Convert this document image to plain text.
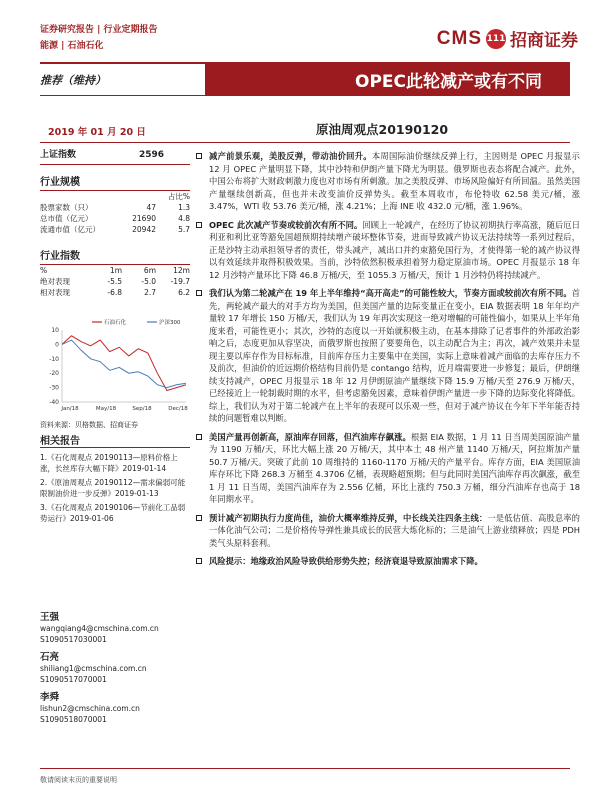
证券研究报告 | 行业定期报告
能源 | 石油石化	CMS 111 招商证券
推荐（维持）	OPEC此轮减产或有不同
2019 年 01 月 20 日	原油周观点20190120
上证指数	2596
行业规模
占比%
股票家数（只）	47	1.3
总市值（亿元）	21690	4.8
流通市值（亿元）	20942	5.7
行业指数
%	1m	6m	12m
绝对表现	-5.5	-5.0	-19.7
相对表现	-6.8	2.7	6.2
10
0
-10
-20
-30
-40
Jan/18	May/18	Sep/18	Dec/18
石油石化	沪深300
资料来源：贝格数据、招商证券
相关报告

1.《石化周观点 20190113—原料价格上涨，长丝库存大幅下降》2019-01-14

2.《原油周观点 20190112—需求偏弱可能限制油价进一步反弹》2019-01-13

3.《石化周观点 20190106—节前化工品弱势运行》2019-01-06

王强
wangqiang4@cmschina.com.cn
S1090517030001
石亮
shiliang1@cmschina.com.cn
S1090517070001
李舜
lishun2@cmschina.com.cn
S1090518070001
减产前景乐观，美股反弹，带动油价回升。本周国际油价继续反弹上行，主因则是 OPEC 月报显示 12 月 OPEC 产量明显下降，其中沙特和伊朗产量下降尤为明显。俄罗斯也表态将配合减产。此外，中国公布将扩大财政刺激力度也对市场有所刺激。加之美股反弹、市场风险偏好有所回温。虽然美国产量继续创新高，但也并未改变油价反弹势头。截至本周收市，布伦特收 62.58 美元/桶，涨 3.47%，WTI 收 53.76 美元/桶，涨 4.21%；上海 INE 收 432.0 元/桶，涨 1.96%。
OPEC 此次减产节奏或较前次有所不同。回顾上一轮减产，在经历了协议初期执行率高涨，随后厄日利亚和利比亚等豁免国超预期持续增产破坏整体节奏，进而导致减产协议无法持续等一系列过程后，正是沙特主动承担领导者的责任，带头减产，减出口并约束豁免国行为，才使得第一轮的减产协议得以有效延续并取得积极效果。当前，沙特依然积极承担着努力稳定原油市场。OPEC 月报显示 18 年 12 月沙特产量环比下降 46.8 万桶/天，至 1055.3 万桶/天，预计 1 月沙特仍将持续减产。
我们认为第二轮减产在 19 年上半年维持“高开高走”的可能性较大，节奏方面或较前次有所不同。首先，两轮减产最大的对手方均为美国，但美国产量的边际变量正在变小，EIA 数据表明 18 年年均产量较 17 年增长 150 万桶/天，我们认为 19 年再次实现这一绝对增幅的可能性偏小，如果从上半年角度来看，可能性更小；其次，沙特的态度以一开始就积极主动，在基本排除了记者事件的外部政治影响之后，态度更加从容坚决，而俄罗斯也按照了要要角色，以主动配合为主；再次，减产效果并未显现主要以库存作为目标标准，目前库存压力主要集中在美国，实际上意味着减产面临的去库存压力不及前次，但油价的近远期价格结构目前仍是 contango 结构，近月端需要进一步修复；最后，伊朗继续支持减产，OPEC 月报显示 18 年 12 月伊朗原油产量继续下降 15.9 万桶/天至 276.9 万桶/天，已经接近上一轮制裁时期的水平，但考虑豁免因素，意味着伊朗产量进一步下降的边际变化将降低。综上，我们认为对于第二轮减产在上半年的表现可以乐观一些，但对于减产协议在今年下半年能否持续的问题暂难以判断。
美国产量再创新高，原油库存回落，但汽油库存飙涨。根据 EIA 数据，1 月 11 日当周美国原油产量为 1190 万桶/天，环比大幅上涨 20 万桶/天，其中本土 48 州产量 1140 万桶/天，阿拉斯加产量 50.7 万桶/天。突破了此前 10 周维持的 1160-1170 万桶/天的产量平台。库存方面，EIA 美国原油库存环比下降 268.3 万桶至 4.3706 亿桶，表现略超预期；但与此同时美国汽油库存再次飙涨，截至 1 月 11 日当周，美国汽油库存为 2.556 亿桶，环比上涨约 750.3 万桶，细分汽油库存也高于 18 年同期水平。
预计减产初期执行力度尚佳，油价大概率维持反弹，中长线关注四条主线：一是低估值、高股息率的一体化油气公司；二是价格传导弹性兼具成长的民营大炼化标的；三是油气上游业绩释放；四是 PDH 类气头原料套利。
风险提示：地缘政治风险导致供给形势失控；经济衰退导致原油需求下降。
敬请阅读末页的重要说明
